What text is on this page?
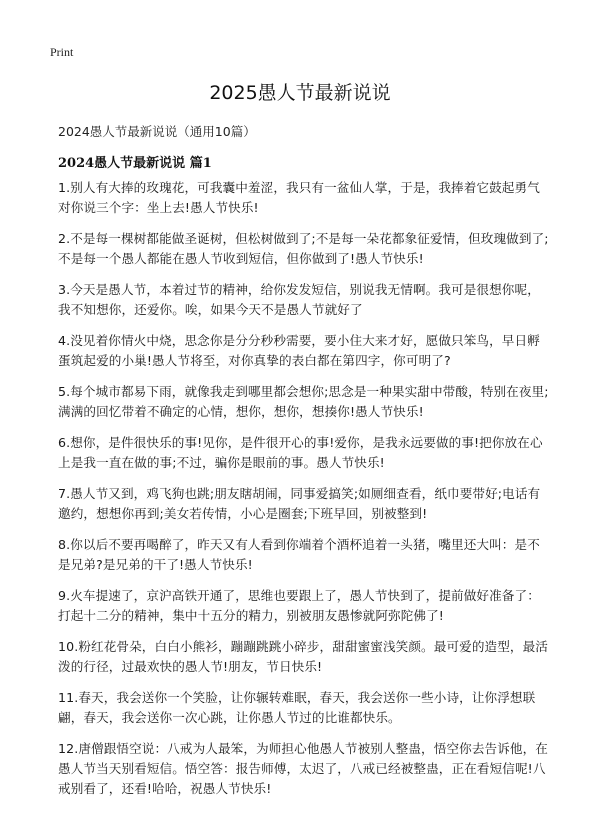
Print
2025愚人节最新说说

2024愚人节最新说说（通用10篇）

2024愚人节最新说说 篇1

1.别人有大捧的玫瑰花，可我囊中羞涩，我只有一盆仙人掌，于是，我捧着它鼓起勇气对你说三个字：坐上去!愚人节快乐!

2.不是每一棵树都能做圣诞树，但松树做到了;不是每一朵花都象征爱情，但玫瑰做到了;不是每一个愚人都能在愚人节收到短信，但你做到了!愚人节快乐!

3.今天是愚人节，本着过节的精神，给你发发短信，别说我无情啊。我可是很想你呢，我不知想你，还爱你。唉，如果今天不是愚人节就好了

4.没见着你情火中烧，思念你是分分秒秒需要，要小住大来才好，愿做只笨鸟，早日孵蛋筑起爱的小巢!愚人节将至，对你真挚的表白都在第四字，你可明了?

5.每个城市都易下雨，就像我走到哪里都会想你;思念是一种果实甜中带酸，特别在夜里;满满的回忆带着不确定的心情，想你，想你，想揍你!愚人节快乐!

6.想你，是件很快乐的事!见你，是件很开心的事!爱你，是我永远要做的事!把你放在心上是我一直在做的事;不过，骗你是眼前的事。愚人节快乐!

7.愚人节又到，鸡飞狗也跳;朋友瞎胡闹，同事爱搞笑;如厕细查看，纸巾要带好;电话有邀约，想想你再到;美女若传情，小心是圈套;下班早回，别被整到!

8.你以后不要再喝醉了，昨天又有人看到你端着个酒杯追着一头猪，嘴里还大叫：是不是兄弟?是兄弟的干了!愚人节快乐!

9.火车提速了，京沪高铁开通了，思维也要跟上了，愚人节快到了，提前做好准备了：打起十二分的精神，集中十五分的精力，别被朋友愚惨就阿弥陀佛了!

10.粉红花骨朵，白白小熊衫，蹦蹦跳跳小碎步，甜甜蜜蜜浅笑颜。最可爱的造型，最活泼的行径，过最欢快的愚人节!朋友，节日快乐!

11.春天，我会送你一个笑脸，让你辗转难眠，春天，我会送你一些小诗，让你浮想联翩，春天，我会送你一次心跳，让你愚人节过的比谁都快乐。

12.唐僧跟悟空说：八戒为人最笨，为师担心他愚人节被别人整蛊，悟空你去告诉他，在愚人节当天别看短信。悟空答：报告师傅，太迟了，八戒已经被整蛊，正在看短信呢!八戒别看了，还看!哈哈，祝愚人节快乐!
